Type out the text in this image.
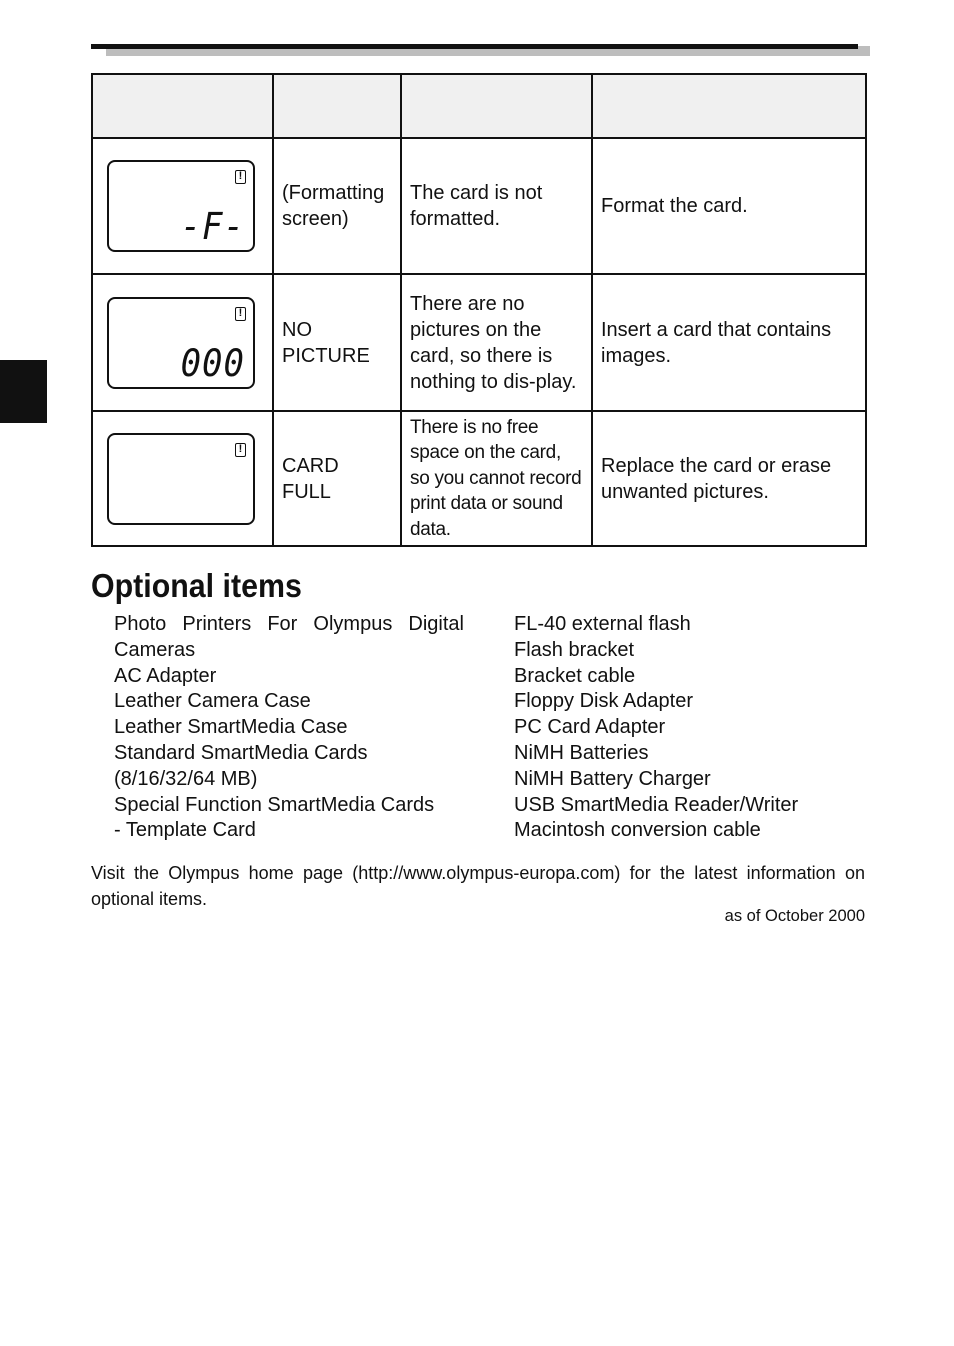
!
-F-	(Formatting screen)	The card is not formatted.	Format the card.

!
000	NO PICTURE	There are no pictures on the card, so there is nothing to dis-play.	Insert a card that contains images.

!	CARD FULL	There is no free space on the card, so you cannot record print data or sound data.	Replace the card or erase unwanted pictures.
Optional items
Photo Printers For Olympus Digital
Cameras
AC Adapter
Leather Camera Case
Leather SmartMedia Case
Standard SmartMedia Cards
(8/16/32/64 MB)
Special Function SmartMedia Cards
- Template Card
FL-40 external flash
Flash bracket
Bracket cable
Floppy Disk Adapter
PC Card Adapter
NiMH Batteries
NiMH Battery Charger
USB SmartMedia Reader/Writer
Macintosh conversion cable

Visit the Olympus home page (http://www.olympus-europa.com) for the latest information on optional items.

as of October 2000
